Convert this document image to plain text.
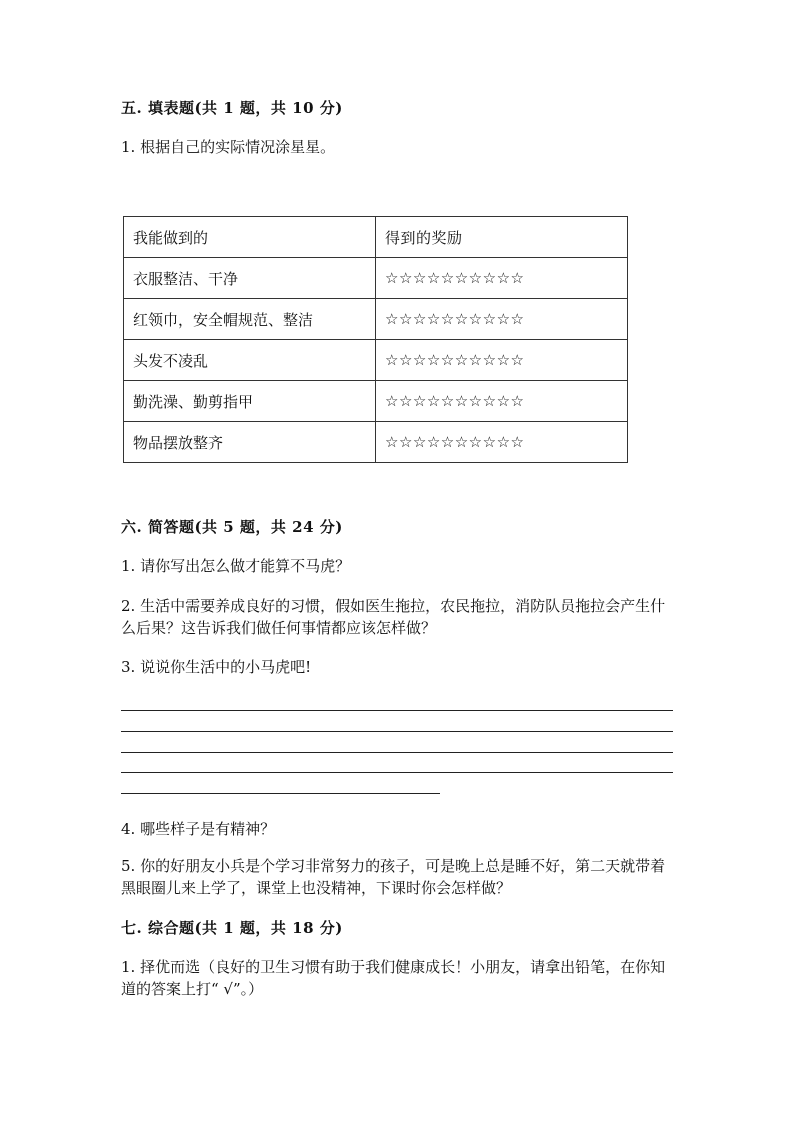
五. 填表题(共 1 题，共 10 分)
1. 根据自己的实际情况涂星星。
我能做到的	得到的奖励
衣服整洁、干净	☆☆☆☆☆☆☆☆☆☆
红领巾，安全帽规范、整洁	☆☆☆☆☆☆☆☆☆☆
头发不凌乱	☆☆☆☆☆☆☆☆☆☆
勤洗澡、勤剪指甲	☆☆☆☆☆☆☆☆☆☆
物品摆放整齐	☆☆☆☆☆☆☆☆☆☆
六. 简答题(共 5 题，共 24 分)
1. 请你写出怎么做才能算不马虎？
2. 生活中需要养成良好的习惯，假如医生拖拉，农民拖拉，消防队员拖拉会产生什么后果？这告诉我们做任何事情都应该怎样做？
3. 说说你生活中的小马虎吧!
4. 哪些样子是有精神？
5. 你的好朋友小兵是个学习非常努力的孩子，可是晚上总是睡不好，第二天就带着黑眼圈儿来上学了，课堂上也没精神，下课时你会怎样做？
七. 综合题(共 1 题，共 18 分)
1. 择优而选（良好的卫生习惯有助于我们健康成长！小朋友，请拿出铅笔，在你知道的答案上打“ √”。）
